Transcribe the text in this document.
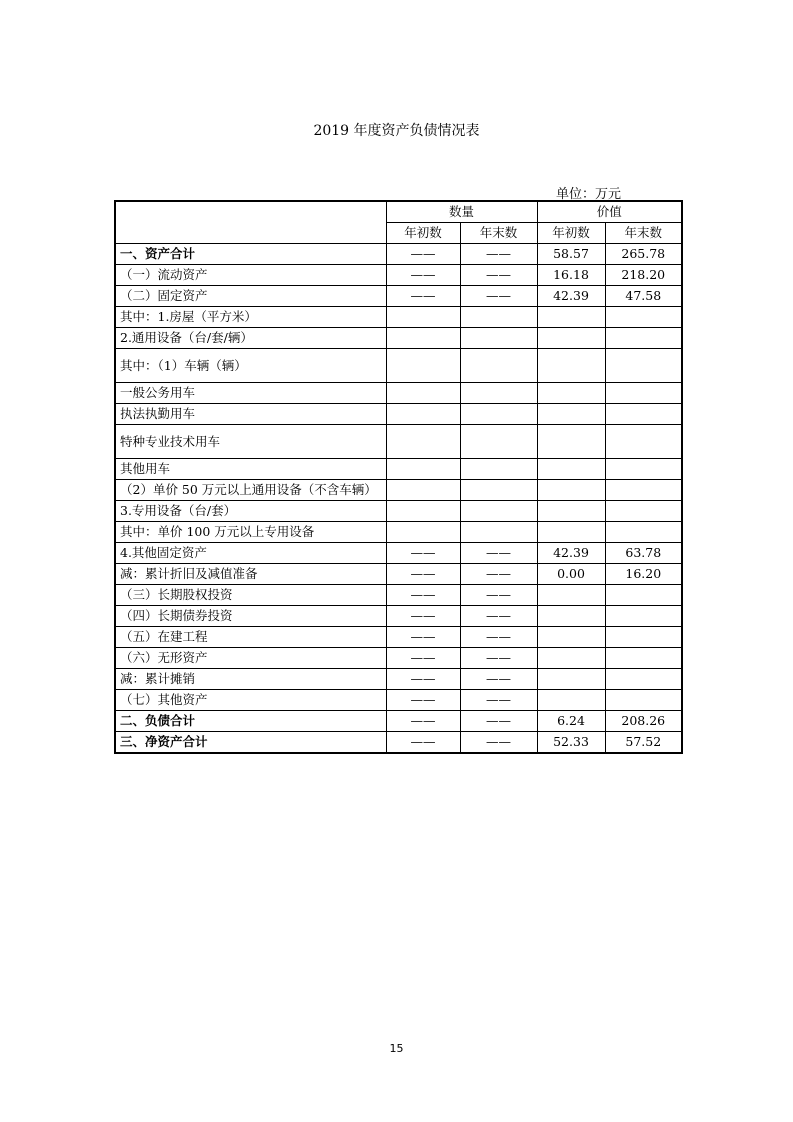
2019 年度资产负债情况表
单位：万元
	数量		价值	
	年初数	年末数	年初数	年末数
一、资产合计	——	——	58.57	265.78
（一）流动资产	——	——	16.18	218.20
（二）固定资产	——	——	42.39	47.58
其中：1.房屋（平方米）				
2.通用设备（台/套/辆）				
其中：（1）车辆（辆）				
一般公务用车				
执法执勤用车				
特种专业技术用车				
其他用车				
（2）单价 50 万元以上通用设备（不含车辆）				
3.专用设备（台/套）				
其中：单价 100 万元以上专用设备				
4.其他固定资产	——	——	42.39	63.78
减：累计折旧及减值准备	——	——	0.00	16.20
（三）长期股权投资	——	——		
（四）长期债券投资	——	——		
（五）在建工程	——	——		
（六）无形资产	——	——		
减：累计摊销	——	——		
（七）其他资产	——	——		
二、负债合计	——	——	6.24	208.26
三、净资产合计	——	——	52.33	57.52
15
